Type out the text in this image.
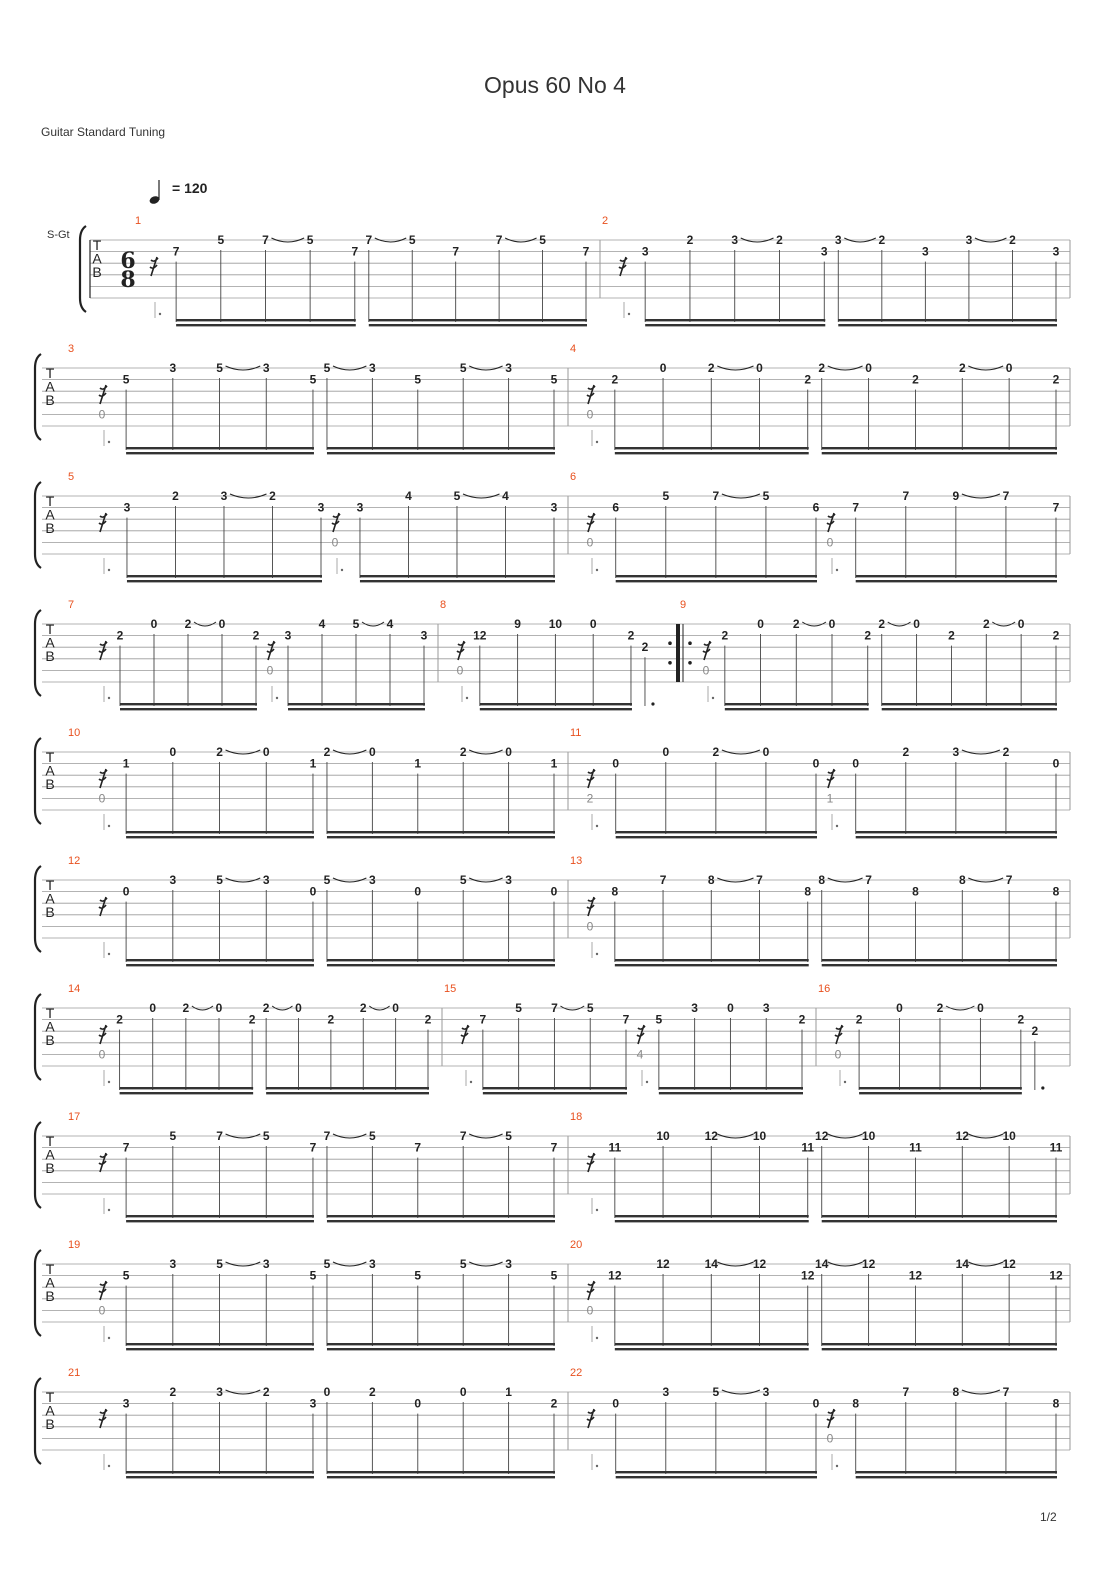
Opus 60 No 4
Guitar Standard Tuning
= 120
S-Gt
T
A
B
1
6
8
7
5	7	5
7
7	5
7
7	5
7
2
3
2	3	2
3
3	2
3
3	2
3
T
A
B
3
0
5
3	5	3
5
5	3
5
5	3
5
4
0
2
0	2	0
2
2	0
2
2	0
2
T
A
B
5
3
2	3	2
3
0
3
4	5	4
3
6
0
6
5	7	5
6
0
7
7	9	7
7
T
A
B
7
2
0 2 0
2
0
3
4 5 4
3
8
0
12
9 10 0
2
2
9
0
2
0 2 0
2
2 0
2
2 0
2
T
A
B
10
0
1
0	2	0
1
2	0
1
2	0
1
11
2
0
0	2	0
0
1
0
2	3	2
0
T
A
B
12
0
3	5	3
0
5	3
0
5	3
0
13
0
8
7	8	7
8
8	7
8
8	7
8
T
A
B
14
0
2
0 2 0
2
2 0
2
2 0
2
15
7
5 7 5
7
4
5
3 0 3
2
16
0
2
0	2	0
2
2
T
A
B
17
7
5	7	5
7
7	5
7
7	5
7
18
11
10	12	10
11
12	10
11
12	10
11
T
A
B
19
0
5
3	5	3
5
5	3
5
5	3
5
20
0
12
12	14	12
12
14	12
12
14	12
12
T
A
B
21
3
2	3	2
3
0	2
0
0	1
2
22
0
3	5	3
0
0
8
7	8	7
8
1/2
